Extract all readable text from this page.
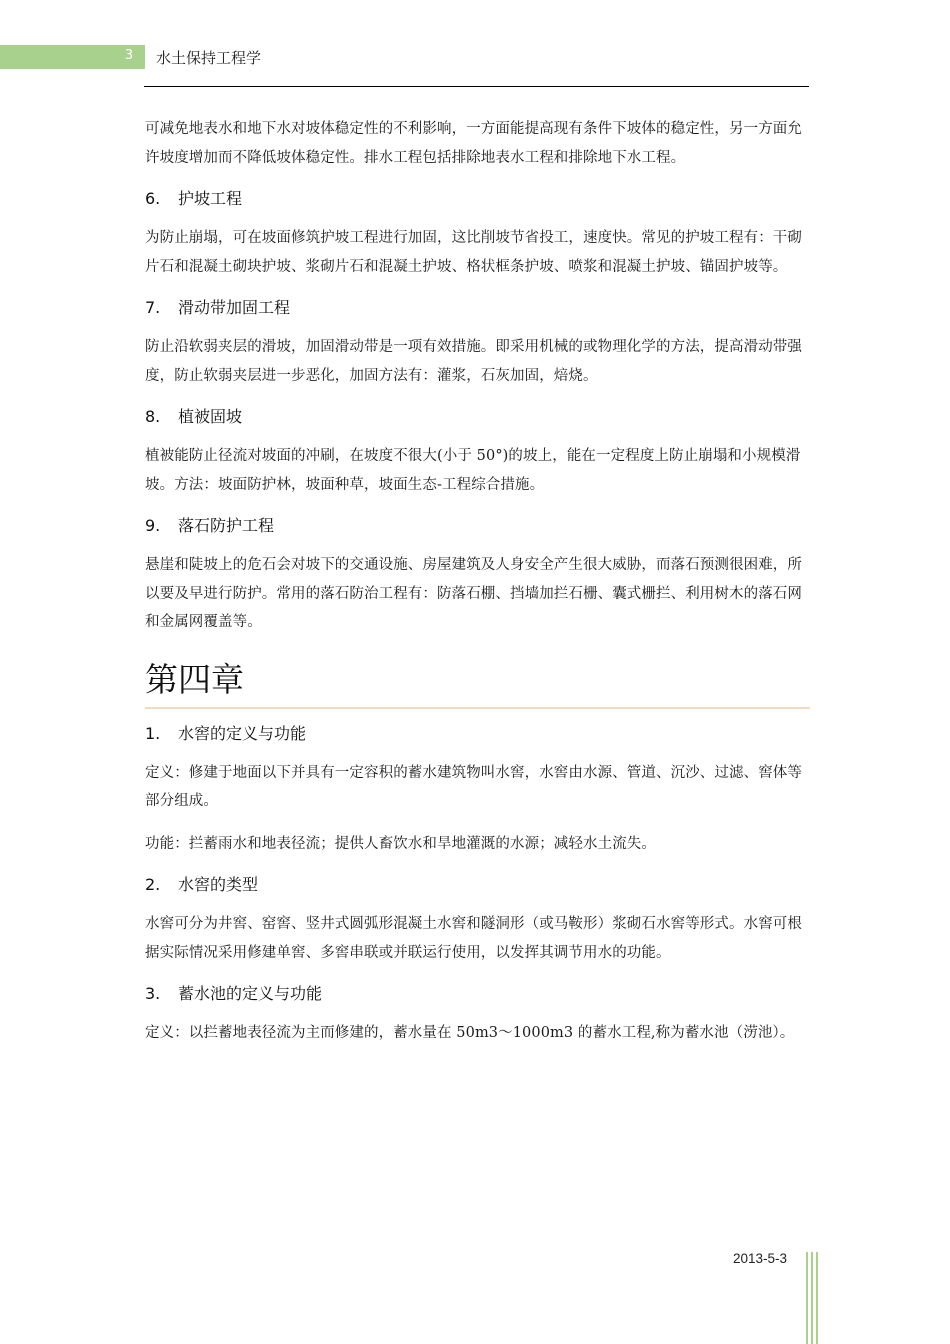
3 水土保持工程学

可减免地表水和地下水对坡体稳定性的不利影响，一方面能提高现有条件下坡体的稳定性，另一方面允许坡度增加而不降低坡体稳定性。排水工程包括排除地表水工程和排除地下水工程。

6. 护坡工程

为防止崩塌，可在坡面修筑护坡工程进行加固，这比削坡节省投工，速度快。常见的护坡工程有：干砌片石和混凝土砌块护坡、浆砌片石和混凝土护坡、格状框条护坡、喷浆和混凝土护坡、锚固护坡等。

7. 滑动带加固工程

防止沿软弱夹层的滑坡，加固滑动带是一项有效措施。即采用机械的或物理化学的方法，提高滑动带强度，防止软弱夹层进一步恶化，加固方法有：灌浆，石灰加固，焙烧。

8. 植被固坡

植被能防止径流对坡面的冲刷，在坡度不很大(小于 50°)的坡上，能在一定程度上防止崩塌和小规模滑坡。方法：坡面防护林，坡面种草，坡面生态-工程综合措施。

9. 落石防护工程

悬崖和陡坡上的危石会对坡下的交通设施、房屋建筑及人身安全产生很大威胁，而落石预测很困难，所以要及早进行防护。常用的落石防治工程有：防落石棚、挡墙加拦石栅、囊式栅拦、利用树木的落石网和金属网覆盖等。

第四章
1. 水窖的定义与功能

定义：修建于地面以下并具有一定容积的蓄水建筑物叫水窖，水窖由水源、管道、沉沙、过滤、窖体等部分组成。

功能：拦蓄雨水和地表径流；提供人畜饮水和旱地灌溉的水源；减轻水土流失。

2. 水窖的类型

水窖可分为井窖、窑窖、竖井式圆弧形混凝土水窖和隧洞形（或马鞍形）浆砌石水窖等形式。水窖可根据实际情况采用修建单窖、多窖串联或并联运行使用，以发挥其调节用水的功能。

3. 蓄水池的定义与功能

定义：以拦蓄地表径流为主而修建的，蓄水量在 50m3～1000m3 的蓄水工程,称为蓄水池（涝池）。

2013-5-3
